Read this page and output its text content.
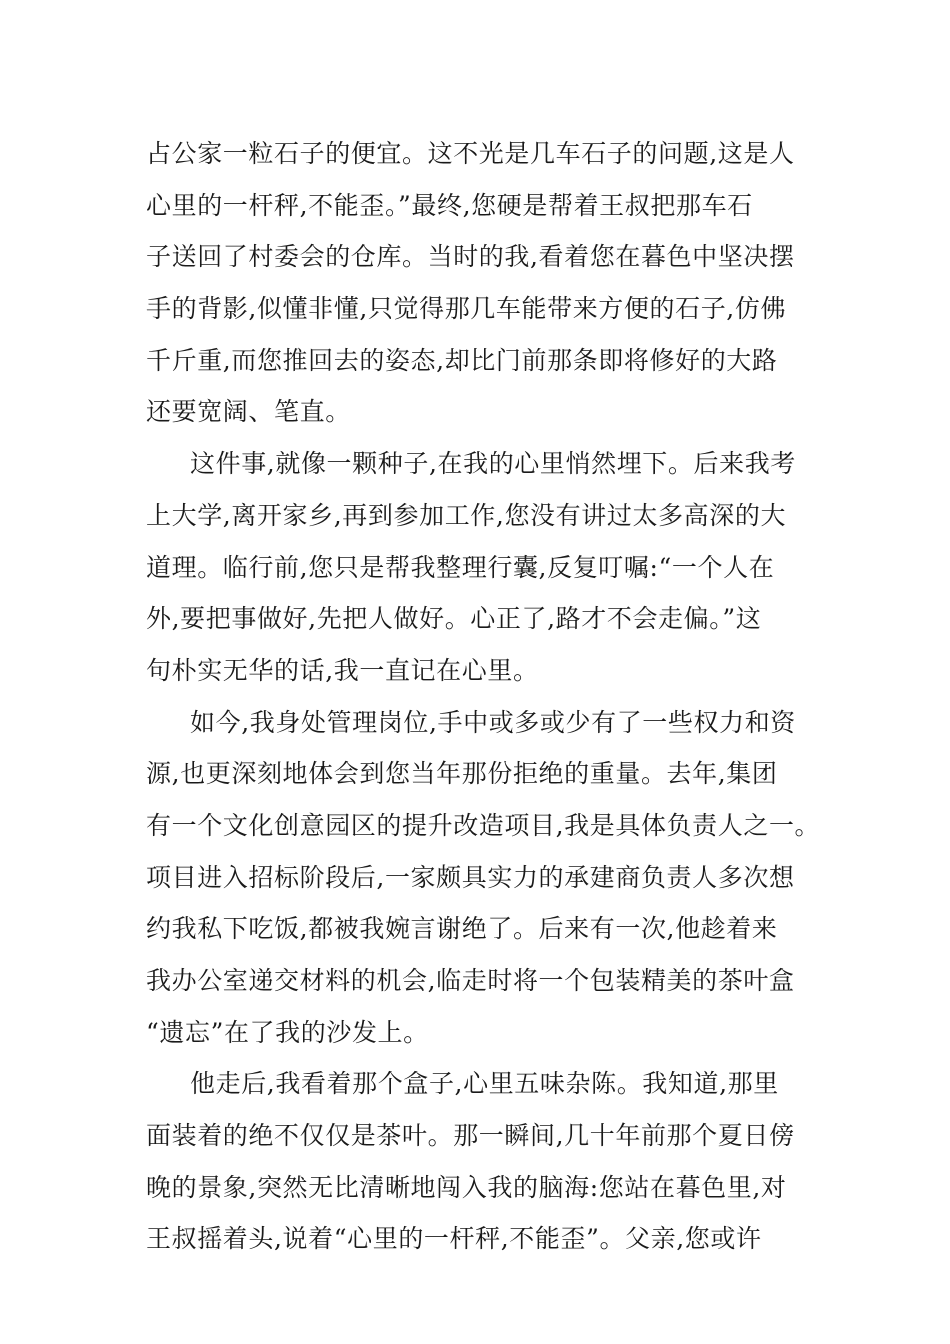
占公家一粒石子的便宜。这不光是几车石子的问题,这是人
心里的一杆秤,不能歪。”最终,您硬是帮着王叔把那车石
子送回了村委会的仓库。当时的我,看着您在暮色中坚决摆
手的背影,似懂非懂,只觉得那几车能带来方便的石子,仿佛
千斤重,而您推回去的姿态,却比门前那条即将修好的大路
还要宽阔、笔直。
这件事,就像一颗种子,在我的心里悄然埋下。后来我考
上大学,离开家乡,再到参加工作,您没有讲过太多高深的大
道理。临行前,您只是帮我整理行囊,反复叮嘱:“一个人在
外,要把事做好,先把人做好。心正了,路才不会走偏。”这
句朴实无华的话,我一直记在心里。
如今,我身处管理岗位,手中或多或少有了一些权力和资
源,也更深刻地体会到您当年那份拒绝的重量。去年,集团
有一个文化创意园区的提升改造项目,我是具体负责人之一。
项目进入招标阶段后,一家颇具实力的承建商负责人多次想
约我私下吃饭,都被我婉言谢绝了。后来有一次,他趁着来
我办公室递交材料的机会,临走时将一个包装精美的茶叶盒
“遗忘”在了我的沙发上。
他走后,我看着那个盒子,心里五味杂陈。我知道,那里
面装着的绝不仅仅是茶叶。那一瞬间,几十年前那个夏日傍
晚的景象,突然无比清晰地闯入我的脑海:您站在暮色里,对
王叔摇着头,说着“心里的一杆秤,不能歪”。父亲,您或许
